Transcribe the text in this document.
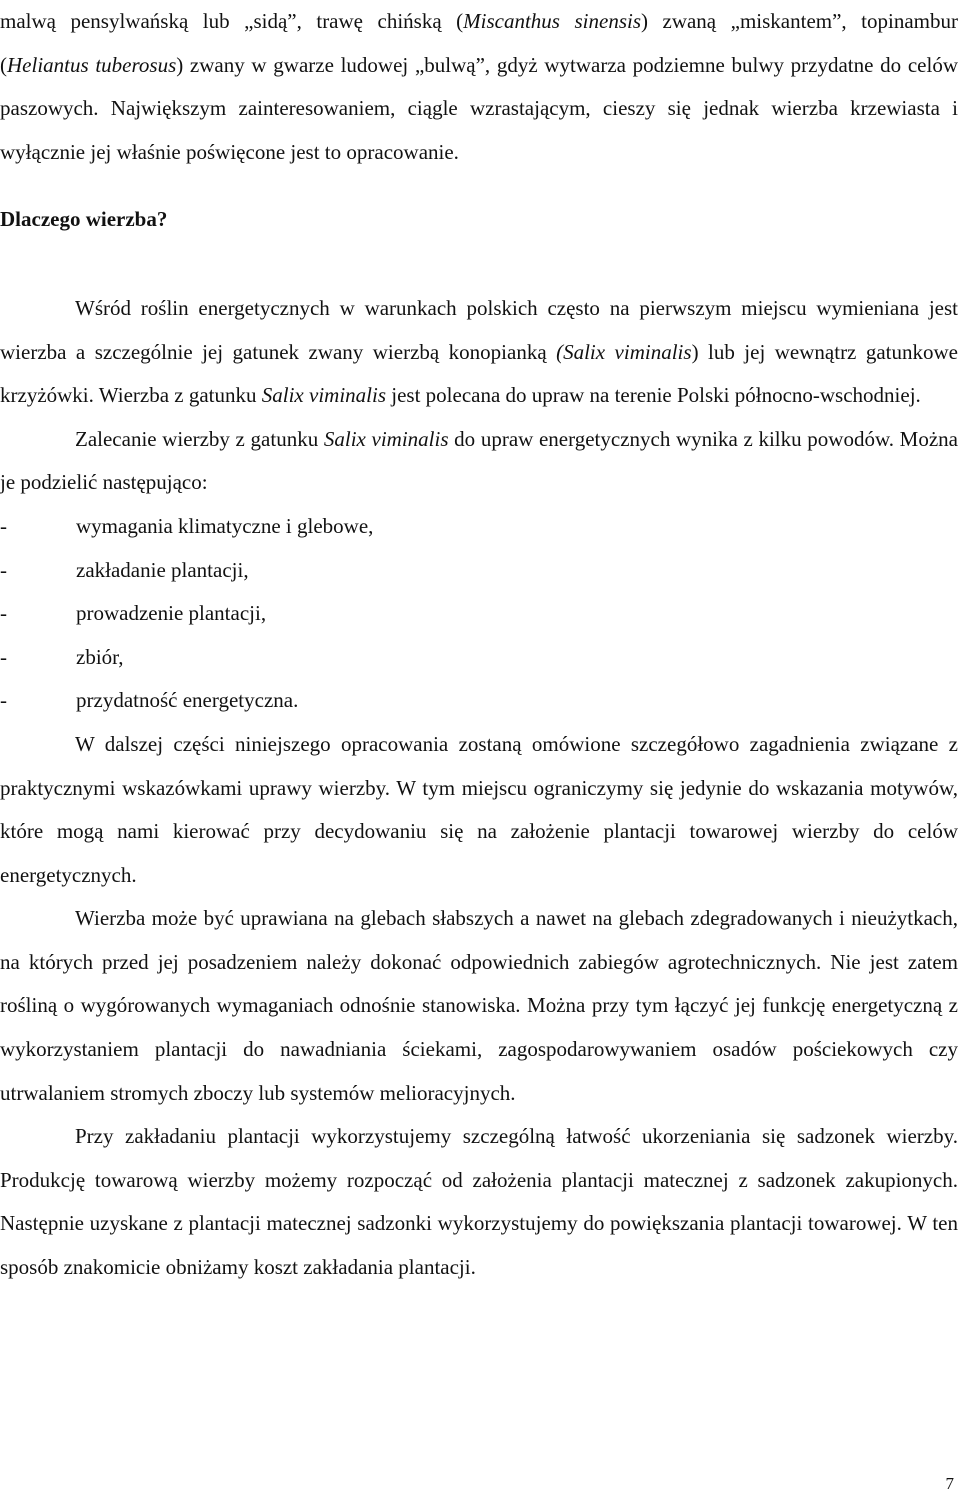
malwą pensylwańską lub „sidą”, trawę chińską (Miscanthus sinensis) zwaną „miskantem”, topinambur (Heliantus tuberosus) zwany w gwarze ludowej „bulwą”, gdyż wytwarza podziemne bulwy przydatne do celów paszowych. Największym zainteresowaniem, ciągle wzrastającym, cieszy się jednak wierzba krzewiasta i wyłącznie jej właśnie poświęcone jest to opracowanie.

Dlaczego wierzba?

Wśród roślin energetycznych w warunkach polskich często na pierwszym miejscu wymieniana jest wierzba a szczególnie jej gatunek zwany wierzbą konopianką (Salix viminalis) lub jej wewnątrz gatunkowe krzyżówki. Wierzba z gatunku Salix viminalis jest polecana do upraw na terenie Polski północno-wschodniej.

Zalecanie wierzby z gatunku Salix viminalis do upraw energetycznych wynika z kilku powodów. Można je podzielić następująco:

-	wymagania klimatyczne i glebowe,
-	zakładanie plantacji,
-	prowadzenie plantacji,
-	zbiór,
-	przydatność energetyczna.

W dalszej części niniejszego opracowania zostaną omówione szczegółowo zagadnienia związane z praktycznymi wskazówkami uprawy wierzby. W tym miejscu ograniczymy się jedynie do wskazania motywów, które mogą nami kierować przy decydowaniu się na założenie plantacji towarowej wierzby do celów energetycznych.

Wierzba może być uprawiana na glebach słabszych a nawet na glebach zdegradowanych i nieużytkach, na których przed jej posadzeniem należy dokonać odpowiednich zabiegów agrotechnicznych. Nie jest zatem rośliną o wygórowanych wymaganiach odnośnie stanowiska. Można przy tym łączyć jej funkcję energetyczną z wykorzystaniem plantacji do nawadniania ściekami, zagospodarowywaniem osadów pościekowych czy utrwalaniem stromych zboczy lub systemów melioracyjnych.

Przy zakładaniu plantacji wykorzystujemy szczególną łatwość ukorzeniania się sadzonek wierzby. Produkcję towarową wierzby możemy rozpocząć od założenia plantacji matecznej z sadzonek zakupionych. Następnie uzyskane z plantacji matecznej sadzonki wykorzystujemy do powiększania plantacji towarowej. W ten sposób znakomicie obniżamy koszt zakładania plantacji.

7
